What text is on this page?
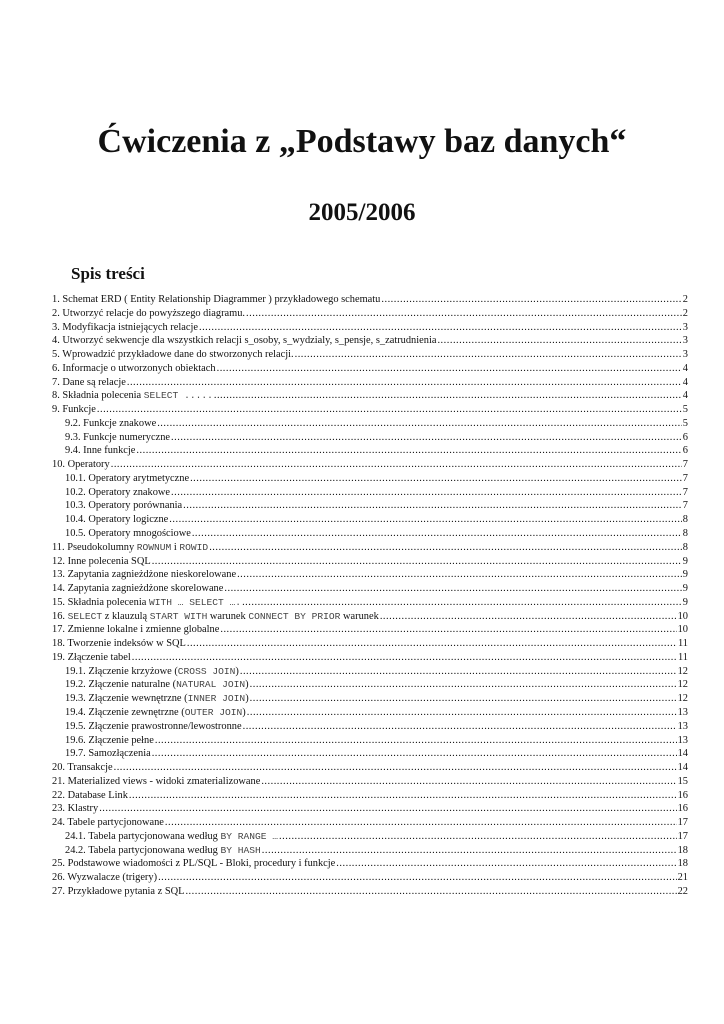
Ćwiczenia z „Podstawy baz danych“
2005/2006
Spis treści
1. Schemat ERD ( Entity Relationship Diagrammer ) przykładowego schematu .....	2
2. Utworzyć relacje do powyższego diagramu. .....	2
3. Modyfikacja istniejących relacje .....	3
4. Utworzyć sekwencje dla wszystkich relacji s_osoby, s_wydzialy, s_pensje, s_zatrudnienia .....	3
5. Wprowadzić przykładowe dane do stworzonych relacji. .....	3
6. Informacje o utworzonych obiektach .....	4
7. Dane są relacje .....	4
8. Składnia polecenia SELECT ..... .....	4
9. Funkcje .....	5
9.2. Funkcje znakowe .....	5
9.3. Funkcje numeryczne .....	6
9.4. Inne funkcje .....	6
10. Operatory .....	7
10.1. Operatory arytmetyczne .....	7
10.2. Operatory znakowe .....	7
10.3. Operatory porównania .....	7
10.4. Operatory logiczne .....	8
10.5. Operatory mnogościowe .....	8
11. Pseudokolumny ROWNUM i ROWID .....	8
12. Inne polecenia SQL .....	9
13. Zapytania zagnieżdżone nieskorelowane .....	9
14. Zapytania zagnieżdżone skorelowane .....	9
15. Składnia polecenia WITH … SELECT …. .....	9
16. SELECT z klauzulą START WITH warunek CONNECT BY PRIOR warunek .....	10
17. Zmienne lokalne i zmienne globalne .....	10
18. Tworzenie indeksów w SQL .....	11
19. Złączenie tabel .....	11
19.1. Złączenie krzyżowe (CROSS JOIN) .....	12
19.2. Złączenie naturalne (NATURAL JOIN) .....	12
19.3. Złączenie wewnętrzne (INNER JOIN) .....	12
19.4. Złączenie zewnętrzne (OUTER JOIN) .....	13
19.5. Złączenie prawostronne/lewostronne .....	13
19.6. Złączenie pełne .....	13
19.7. Samozłączenia .....	14
20. Transakcje .....	14
21. Materialized views - widoki zmaterializowane .....	15
22. Database Link .....	16
23. Klastry .....	16
24. Tabele partycjonowane .....	17
24.1. Tabela partycjonowana według BY RANGE … .....	17
24.2. Tabela partycjonowana według BY HASH .....	18
25. Podstawowe wiadomości z PL/SQL - Bloki, procedury i funkcje .....	18
26. Wyzwalacze (trigery) .....	21
27. Przykładowe pytania z SQL .....	22
